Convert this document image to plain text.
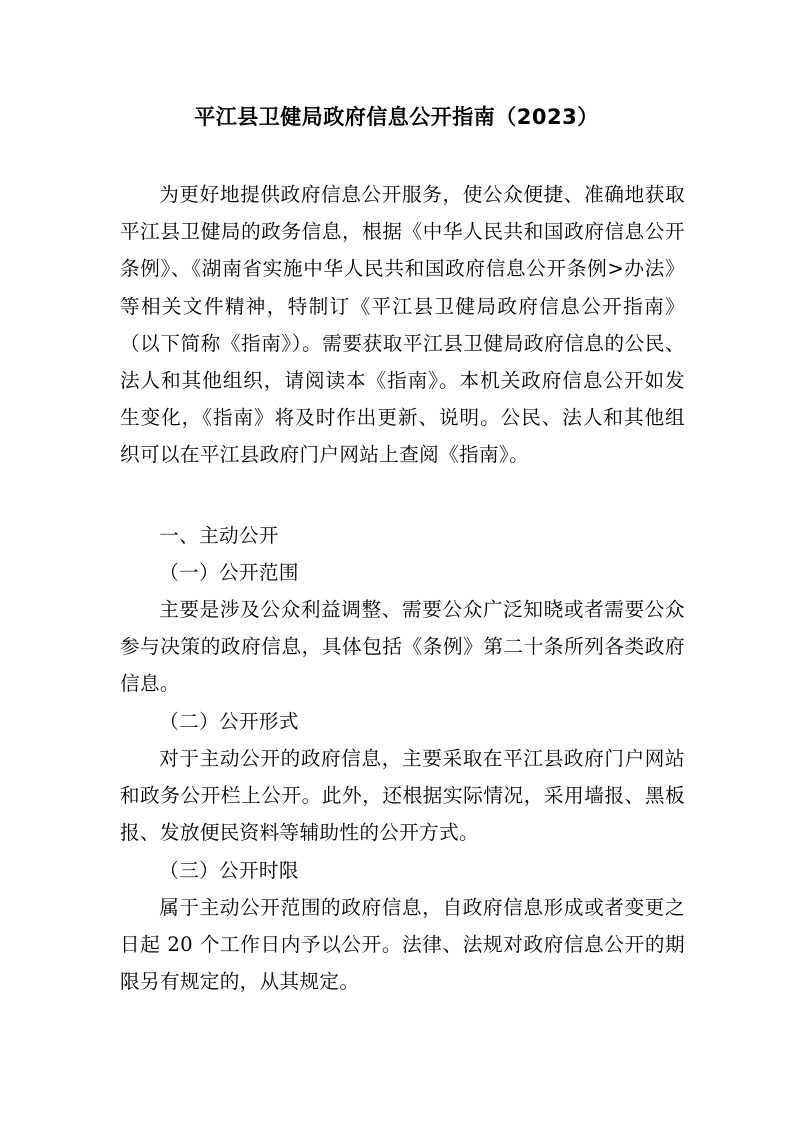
平江县卫健局政府信息公开指南（2023）

为更好地提供政府信息公开服务，使公众便捷、准确地获取平江县卫健局的政务信息，根据《中华人民共和国政府信息公开条例》、《湖南省实施中华人民共和国政府信息公开条例>办法》等相关文件精神，特制订《平江县卫健局政府信息公开指南》（以下简称《指南》）。需要获取平江县卫健局政府信息的公民、法人和其他组织，请阅读本《指南》。本机关政府信息公开如发生变化，《指南》将及时作出更新、说明。公民、法人和其他组织可以在平江县政府门户网站上查阅《指南》。

一、主动公开

（一）公开范围

主要是涉及公众利益调整、需要公众广泛知晓或者需要公众参与决策的政府信息，具体包括《条例》第二十条所列各类政府信息。

（二）公开形式

对于主动公开的政府信息，主要采取在平江县政府门户网站和政务公开栏上公开。此外，还根据实际情况，采用墙报、黑板报、发放便民资料等辅助性的公开方式。

（三）公开时限

属于主动公开范围的政府信息，自政府信息形成或者变更之日起 20 个工作日内予以公开。法律、法规对政府信息公开的期限另有规定的，从其规定。
